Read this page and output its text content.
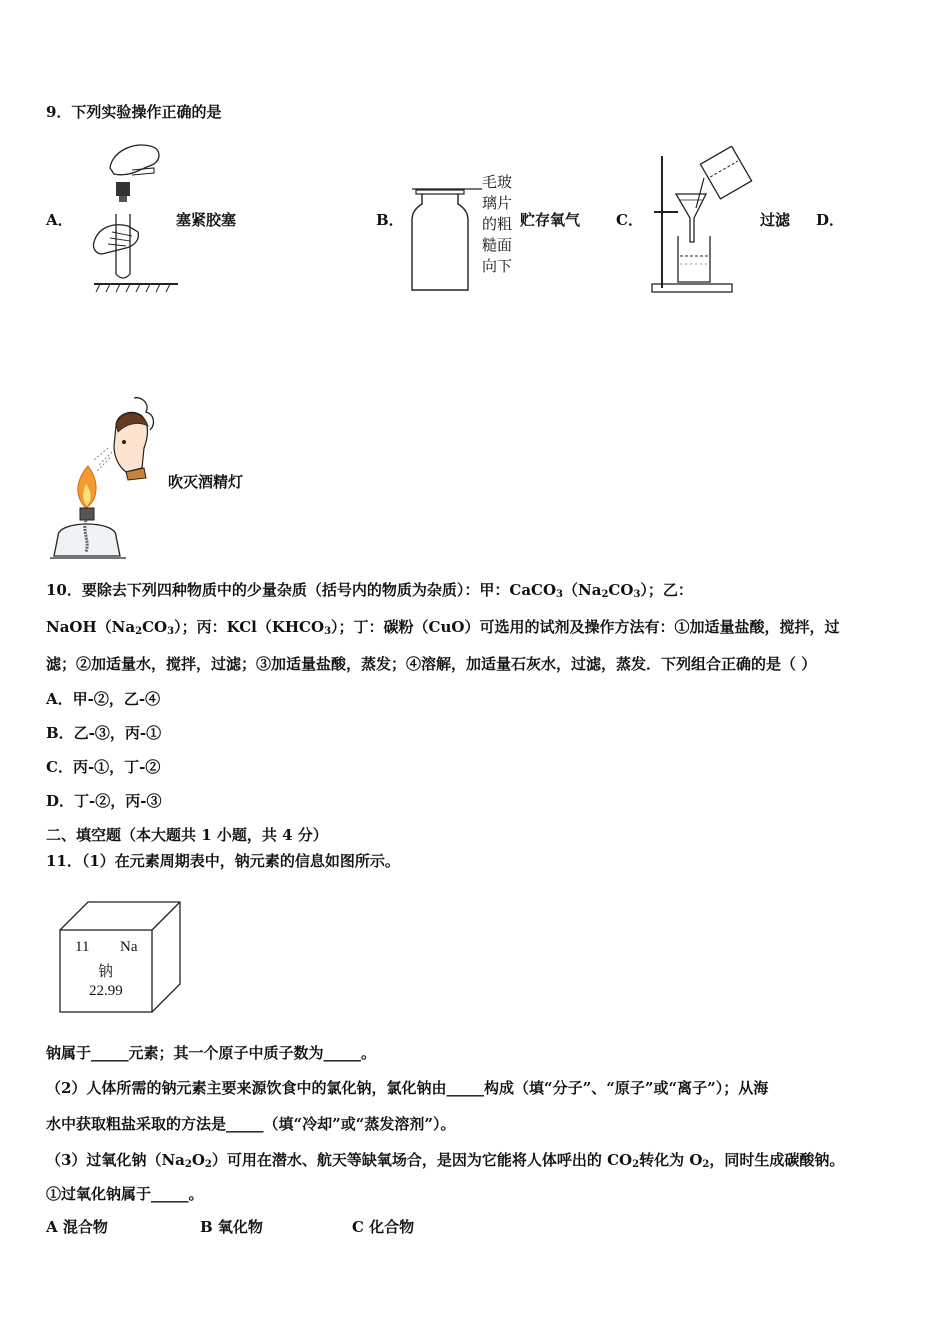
9．下列实验操作正确的是
A．	塞紧胶塞	B．
毛玻璃片的粗糙面向下
贮存氧气 C．	过滤 D．
吹灭酒精灯
10．要除去下列四种物质中的少量杂质（括号内的物质为杂质）：甲：$CaCO_3(Na_2CO_3)$；乙：
$NaOH(Na_2CO_3)$；丙：$KCl(KHCO_3)$；丁：碳粉（CuO）可选用的试剂及操作方法有：①加适量盐酸，搅拌，过
滤；②加适量水，搅拌，过滤；③加适量盐酸，蒸发；④溶解，加适量石灰水，过滤，蒸发．下列组合正确的是（ ）
A．甲-②，乙-④
B．乙-③，丙-①
C．丙-①，丁-②
D．丁-②，丙-③
二、填空题（本大题共 1 小题，共 4 分）
11．（1）在元素周期表中，钠元素的信息如图所示。
11 Na
钠
22.99
钠属于_____元素；其一个原子中质子数为_____。
（2）人体所需的钠元素主要来源饮食中的氯化钠，氯化钠由_____构成（填“分子”、“原子”或“离子”）；从海
水中获取粗盐采取的方法是_____（填“冷却”或“蒸发溶剂”）。
（3）过氧化钠$(Na_2O_2)$可用在潜水、航天等缺氧场合，是因为它能将人体呼出的 $CO_2$转化为 $O_2$，同时生成碳酸钠。
①过氧化钠属于_____。
A 混合物	B 氧化物	C 化合物
